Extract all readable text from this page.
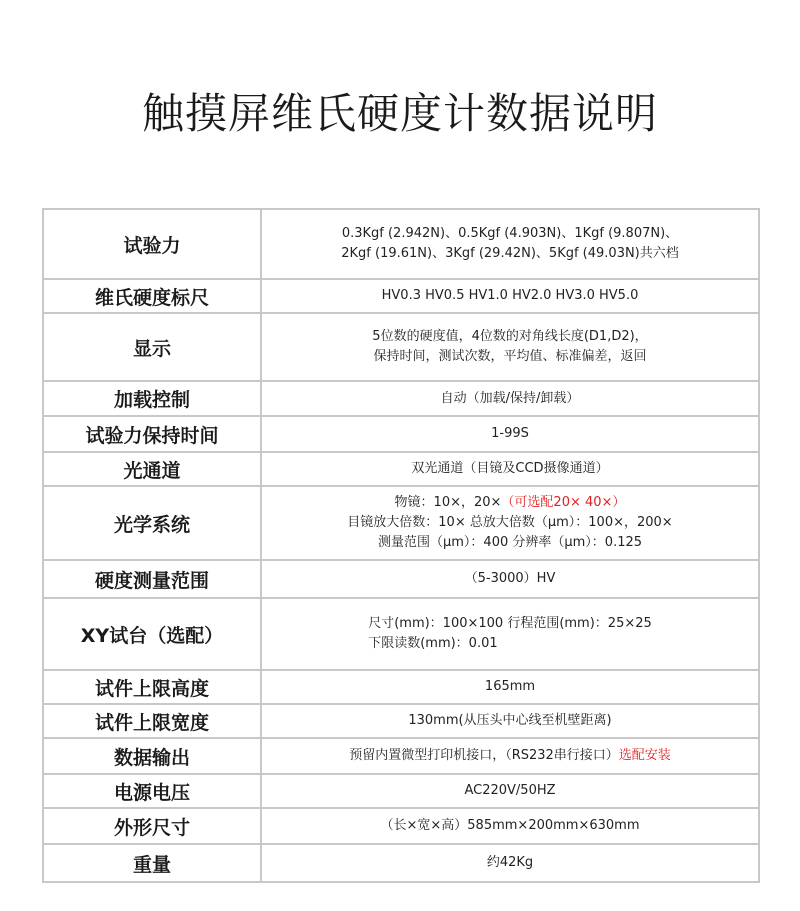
触摸屏维氏硬度计数据说明
试验力	0.3Kgf (2.942N)、0.5Kgf (4.903N)、1Kgf (9.807N)、
2Kgf (19.61N)、3Kgf (29.42N)、5Kgf (49.03N)共六档

维氏硬度标尺	HV0.3 HV0.5 HV1.0 HV2.0 HV3.0 HV5.0

显示	5位数的硬度值，4位数的对角线长度(D1,D2)，
保持时间，测试次数，平均值、标准偏差，返回

加载控制	自动（加载/保持/卸载）

试验力保持时间	1-99S

光通道	双光通道（目镜及CCD摄像通道）

光学系统	物镜：10×，20×（可选配20× 40×）
目镜放大倍数：10× 总放大倍数（μm）：100×，200×
测量范围（μm）：400 分辨率（μm）：0.125

硬度测量范围	（5-3000）HV

XY试台（选配）	尺寸(mm)：100×100 行程范围(mm)：25×25
下限读数(mm)：0.01

试件上限高度	165mm

试件上限宽度	130mm(从压头中心线至机壁距离)

数据输出	预留内置微型打印机接口，（RS232串行接口）选配安装

电源电压	AC220V/50HZ

外形尺寸	（长×宽×高）585mm×200mm×630mm

重量	约42Kg
